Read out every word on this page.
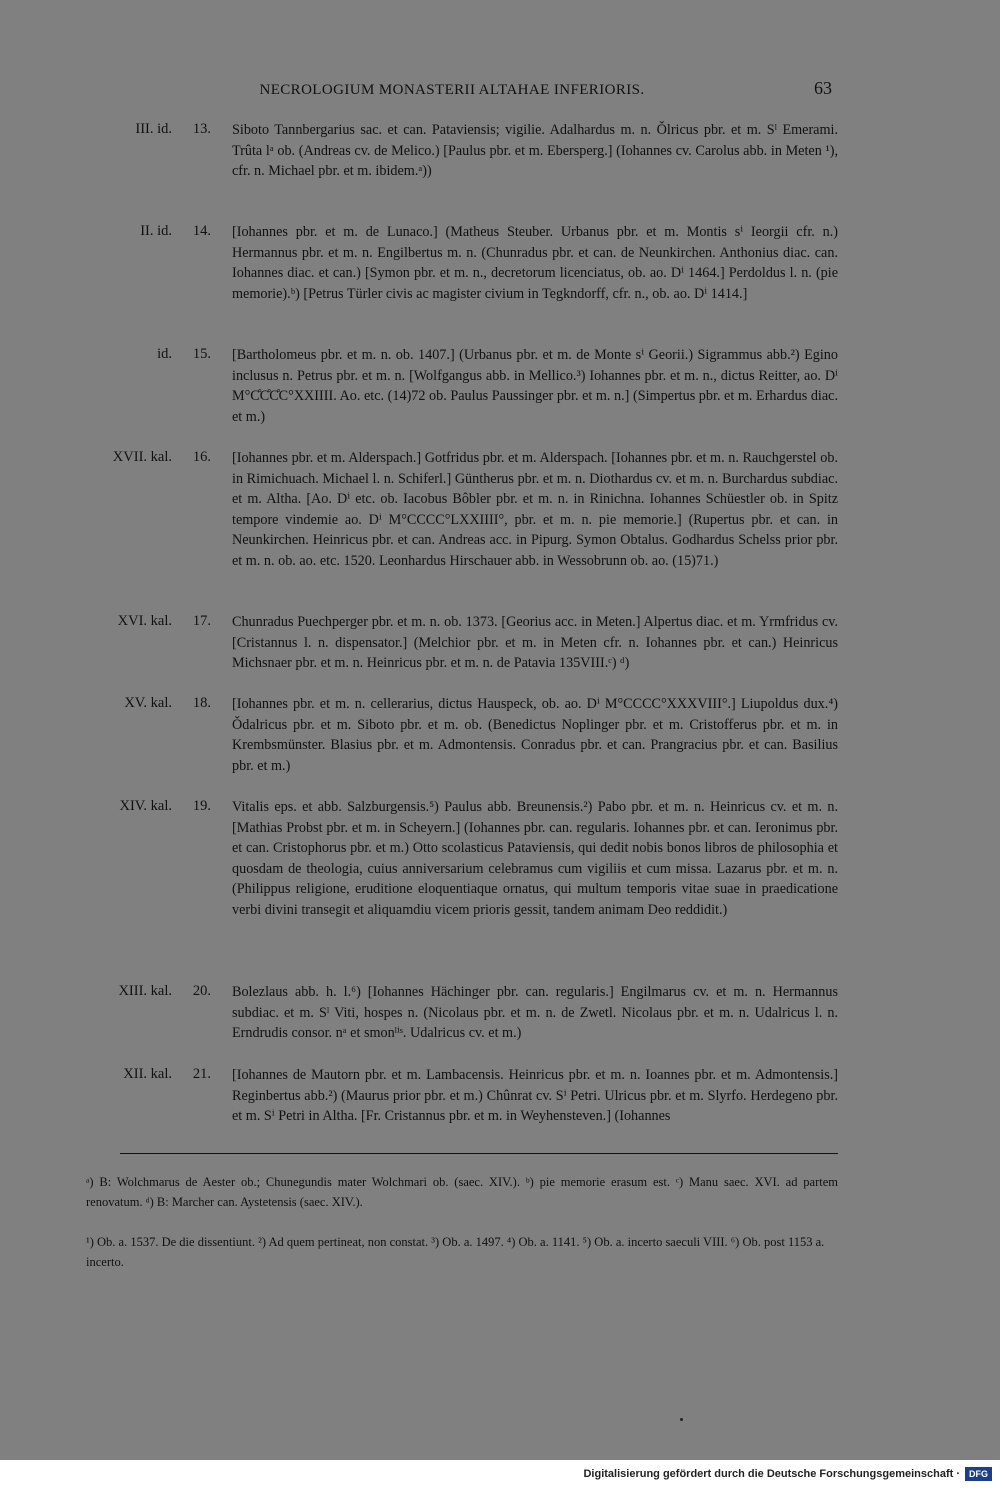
NECROLOGIUM MONASTERII ALTAHAE INFERIORIS.	63
III. id.	13. Siboto Tannbergarius sac. et can. Pataviensis; vigilie. Adalhardus m. n. Ǒlricus pbr. et m. Sˡ Emerami. Trûta lᵃ ob. (Andreas cv. de Melico.) [Paulus pbr. et m. Ebersperg.] (Iohannes cv. Carolus abb. in Meten ¹), cfr. n. Michael pbr. et m. ibidem.ᵃ))
II. id.	14. [Iohannes pbr. et m. de Lunaco.] (Matheus Steuber. Urbanus pbr. et m. Montis sⁱ Ieorgii cfr. n.) Hermannus pbr. et m. n. Engilbertus m. n. (Chunradus pbr. et can. de Neunkirchen. Anthonius diac. can. Iohannes diac. et can.) [Symon pbr. et m. n., decretorum licenciatus, ob. ao. Dⁱ 1464.] Perdoldus l. n. (pie memorie).ᵇ) [Petrus Türler civis ac magister civium in Tegkndorff, cfr. n., ob. ao. Dⁱ 1414.]
id.	15. [Bartholomeus pbr. et m. n. ob. 1407.] (Urbanus pbr. et m. de Monte sⁱ Georii.) Sigrammus abb.²) Egino inclusus n. Petrus pbr. et m. n. [Wolfgangus abb. in Mellico.³) Iohannes pbr. et m. n., dictus Reitter, ao. Dⁱ M°C̊C̊C̊C°XXIIII. Ao. etc. (14)72 ob. Paulus Paussinger pbr. et m. n.] (Simpertus pbr. et m. Erhardus diac. et m.)
XVII. kal.	16. [Iohannes pbr. et m. Alderspach.] Gotfridus pbr. et m. Alderspach. [Iohannes pbr. et m. n. Rauchgerstel ob. in Rimichuach. Michael l. n. Schiferl.] Güntherus pbr. et m. n. Diothardus cv. et m. n. Burchardus subdiac. et m. Altha. [Ao. Dⁱ etc. ob. Iacobus Bôbler pbr. et m. n. in Rinichna. Iohannes Schüestler ob. in Spitz tempore vindemie ao. Dⁱ M°CCCC°LXXIIII°, pbr. et m. n. pie memorie.] (Rupertus pbr. et can. in Neunkirchen. Heinricus pbr. et can. Andreas acc. in Pipurg. Symon Obtalus. Godhardus Schelss prior pbr. et m. n. ob. ao. etc. 1520. Leonhardus Hirschauer abb. in Wessobrunn ob. ao. (15)71.)
XVI. kal.	17. Chunradus Puechperger pbr. et m. n. ob. 1373. [Georius acc. in Meten.] Alpertus diac. et m. Yrmfridus cv. [Cristannus l. n. dispensator.] (Melchior pbr. et m. in Meten cfr. n. Iohannes pbr. et can.) Heinricus Michsnaer pbr. et m. n. Heinricus pbr. et m. n. de Patavia 135VIII.ᶜ) ᵈ)
XV. kal.	18. [Iohannes pbr. et m. n. cellerarius, dictus Hauspeck, ob. ao. Dⁱ M°CCCC°XXXVIII°.] Liupoldus dux.⁴) Ǒdalricus pbr. et m. Siboto pbr. et m. ob. (Benedictus Noplinger pbr. et m. Cristofferus pbr. et m. in Krembsmünster. Blasius pbr. et m. Admontensis. Conradus pbr. et can. Prangracius pbr. et can. Basilius pbr. et m.)
XIV. kal.	19. Vitalis eps. et abb. Salzburgensis.⁵) Paulus abb. Breunensis.²) Pabo pbr. et m. n. Heinricus cv. et m. n. [Mathias Probst pbr. et m. in Scheyern.] (Iohannes pbr. can. regularis. Iohannes pbr. et can. Ieronimus pbr. et can. Cristophorus pbr. et m.) Otto scolasticus Pataviensis, qui dedit nobis bonos libros de philosophia et quosdam de theologia, cuius anniversarium celebramus cum vigiliis et cum missa. Lazarus pbr. et m. n. (Philippus religione, eruditione eloquentiaque ornatus, qui multum temporis vitae suae in praedicatione verbi divini transegit et aliquamdiu vicem prioris gessit, tandem animam Deo reddidit.)
XIII. kal.	20. Bolezlaus abb. h. l.⁶) [Iohannes Hächinger pbr. can. regularis.] Engilmarus cv. et m. n. Hermannus subdiac. et m. Sˡ Viti, hospes n. (Nicolaus pbr. et m. n. de Zwetl. Nicolaus pbr. et m. n. Udalricus l. n. Erndrudis consor. nᵃ et smonˡⁱˢ. Udalricus cv. et m.)
XII. kal.	21. [Iohannes de Mautorn pbr. et m. Lambacensis. Heinricus pbr. et m. n. Ioannes pbr. et m. Admontensis.] Reginbertus abb.²) (Maurus prior pbr. et m.) Chûnrat cv. Sⁱ Petri. Ulricus pbr. et m. Slyrfo. Herdegeno pbr. et m. Sⁱ Petri in Altha. [Fr. Cristannus pbr. et m. in Weyhensteven.] (Iohannes
ᵃ) B: Wolchmarus de Aester ob.; Chunegundis mater Wolchmari ob. (saec. XIV.). ᵇ) pie memorie erasum est. ᶜ) Manu saec. XVI. ad partem renovatum. ᵈ) B: Marcher can. Aystetensis (saec. XIV.).
¹) Ob. a. 1537. De die dissentiunt. ²) Ad quem pertineat, non constat. ³) Ob. a. 1497. ⁴) Ob. a. 1141. ⁵) Ob. a. incerto saeculi VIII. ⁶) Ob. post 1153 a. incerto.
Digitalisierung gefördert durch die Deutsche Forschungsgemeinschaft ·	DFG
